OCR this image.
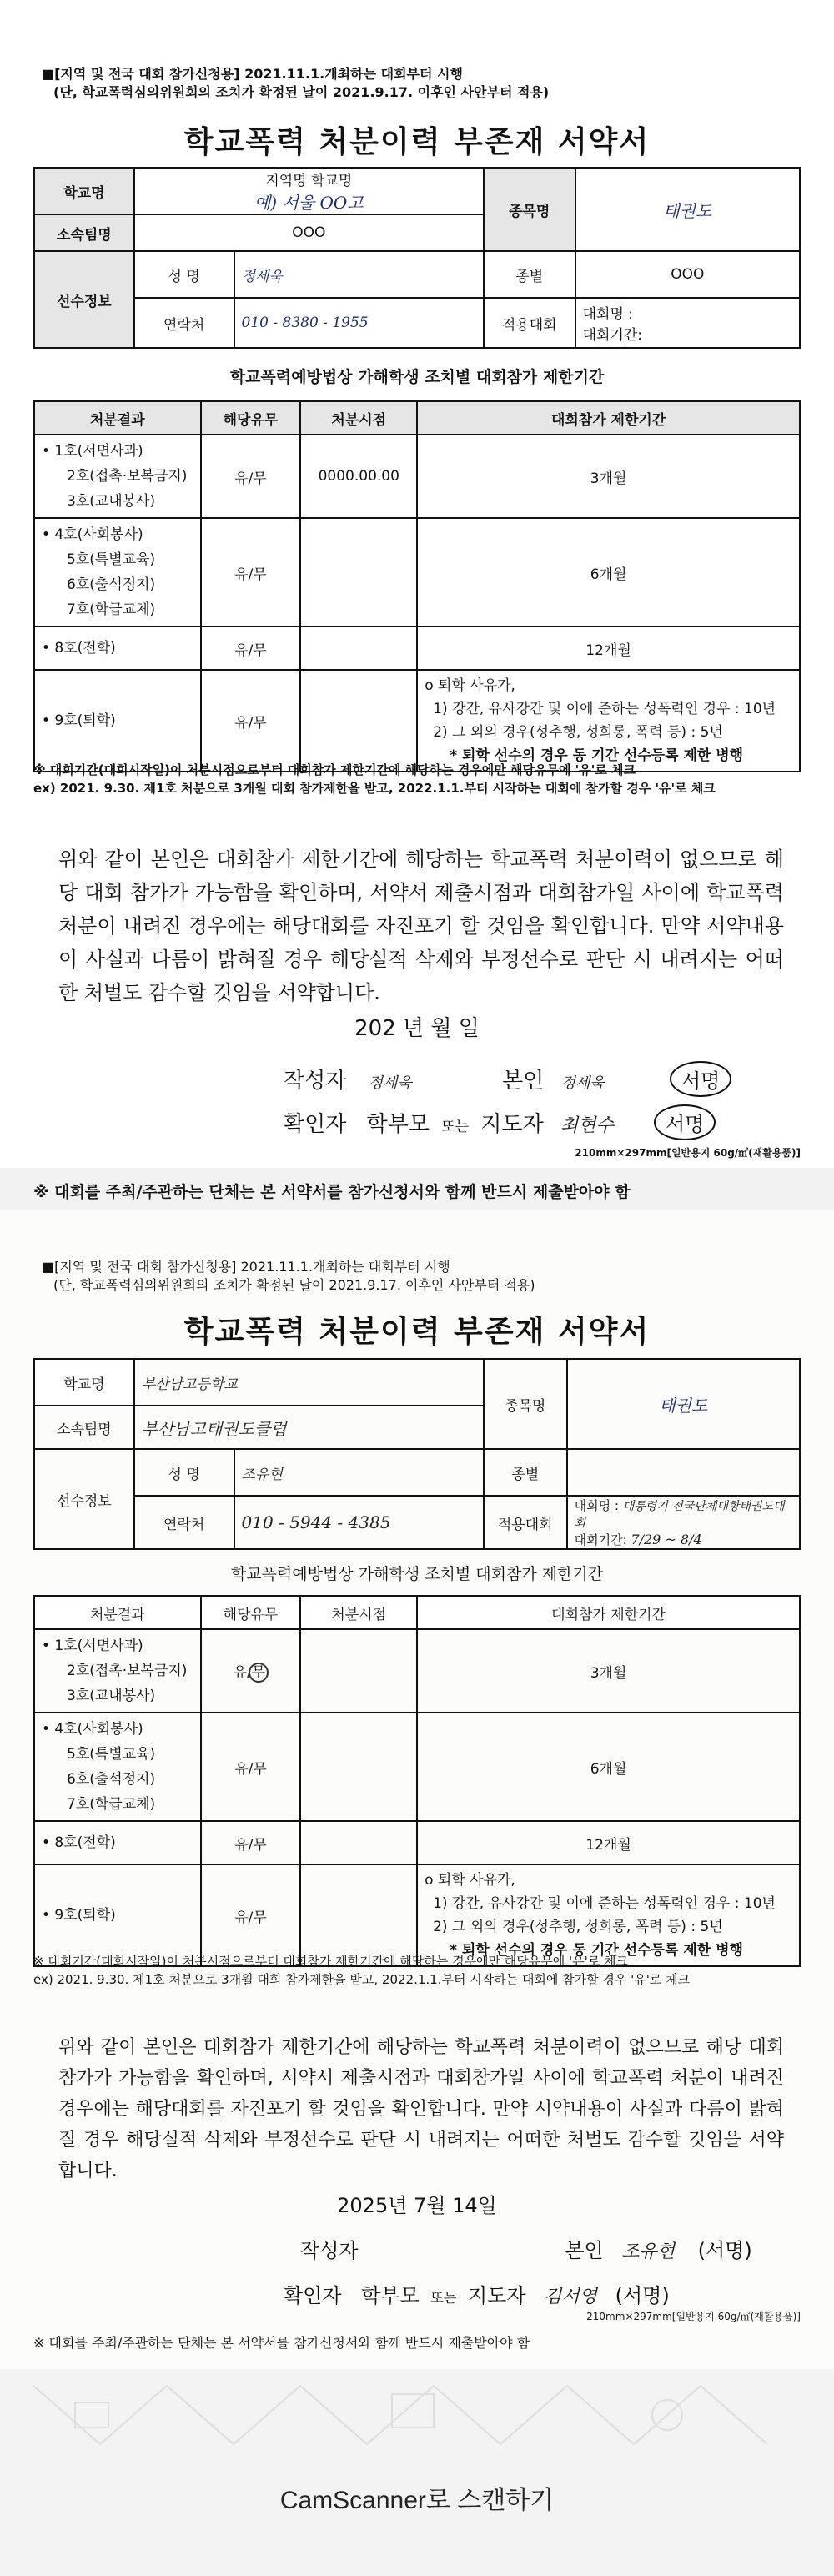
■[지역 및 전국 대회 참가신청용] 2021.11.1.개최하는 대회부터 시행
(단, 학교폭력심의위원회의 조치가 확정된 날이 2021.9.17. 이후인 사안부터 적용)
학교폭력 처분이력 부존재 서약서
학교명	지역명 학교명
예) 서울 OO고		종목명	태권도
소속팀명	OOO			
선수정보	성 명	정세욱	종별	OOO
	연락처	010 - 8380 - 1955	적용대회	대회명 :
대회기간:
학교폭력예방법상 가해학생 조치별 대회참가 제한기간
처분결과	해당유무	처분시점	대회참가 제한기간

• 1호(서면사과)
2호(접촉·보복금지)
3호(교내봉사)	유/무	0000.00.00	3개월

• 4호(사회봉사)
5호(특별교육)
6호(출석정지)
7호(학급교체)	유/무		6개월

• 8호(전학)	유/무		12개월

• 9호(퇴학)	유/무		o 퇴학 사유가,
1) 강간, 유사강간 및 이에 준하는 성폭력인 경우 : 10년
2) 그 외의 경우(성추행, 성희롱, 폭력 등) : 5년
* 퇴학 선수의 경우 동 기간 선수등록 제한 병행
※ 대회기간(대회시작일)이 처분시점으로부터 대회참가 제한기간에 해당하는 경우에만 해당유무에 '유'로 체크
ex) 2021. 9.30. 제1호 처분으로 3개월 대회 참가제한을 받고, 2022.1.1.부터 시작하는 대회에 참가할 경우 '유'로 체크
위와 같이 본인은 대회참가 제한기간에 해당하는 학교폭력 처분이력이 없으므로 해당 대회 참가가 가능함을 확인하며, 서약서 제출시점과 대회참가일 사이에 학교폭력 처분이 내려진 경우에는 해당대회를 자진포기 할 것임을 확인합니다. 만약 서약내용이 사실과 다름이 밝혀질 경우 해당실적 삭제와 부정선수로 판단 시 내려지는 어떠한 처벌도 감수할 것임을 서약합니다.
202 년 월 일
작성자 정세욱	본인 정세욱	서명
확인자 학부모 또는 지도자 최현수	서명
210mm×297mm[일반용지 60g/㎡(재활용품)]
※ 대회를 주최/주관하는 단체는 본 서약서를 참가신청서와 함께 반드시 제출받아야 함
■[지역 및 전국 대회 참가신청용] 2021.11.1.개최하는 대회부터 시행
(단, 학교폭력심의위원회의 조치가 확정된 날이 2021.9.17. 이후인 사안부터 적용)
학교폭력 처분이력 부존재 서약서
학교명	부산남고등학교		종목명	태권도
소속팀명	부산남고태권도클럽			
선수정보	성 명	조유현	종별	
	연락처	010 - 5944 - 4385	적용대회	대회명 : 대통령기 전국단체대항태권도대회
대회기간: 7/29 ~ 8/4
학교폭력예방법상 가해학생 조치별 대회참가 제한기간
처분결과	해당유무	처분시점	대회참가 제한기간

• 1호(서면사과)
2호(접촉·보복금지)
3호(교내봉사)	유/무		3개월

• 4호(사회봉사)
5호(특별교육)
6호(출석정지)
7호(학급교체)	유/무		6개월

• 8호(전학)	유/무		12개월

• 9호(퇴학)	유/무		o 퇴학 사유가,
1) 강간, 유사강간 및 이에 준하는 성폭력인 경우 : 10년
2) 그 외의 경우(성추행, 성희롱, 폭력 등) : 5년
* 퇴학 선수의 경우 동 기간 선수등록 제한 병행
※ 대회기간(대회시작일)이 처분시점으로부터 대회참가 제한기간에 해당하는 경우에만 해당유무에 '유'로 체크
ex) 2021. 9.30. 제1호 처분으로 3개월 대회 참가제한을 받고, 2022.1.1.부터 시작하는 대회에 참가할 경우 '유'로 체크
위와 같이 본인은 대회참가 제한기간에 해당하는 학교폭력 처분이력이 없으므로 해당 대회 참가가 가능함을 확인하며, 서약서 제출시점과 대회참가일 사이에 학교폭력 처분이 내려진 경우에는 해당대회를 자진포기 할 것임을 확인합니다. 만약 서약내용이 사실과 다름이 밝혀질 경우 해당실적 삭제와 부정선수로 판단 시 내려지는 어떠한 처벌도 감수할 것임을 서약합니다.
2025년 7월 14일
작성자	본인 조유현 (서명)
확인자 학부모 또는 지도자 김서영 (서명)
210mm×297mm[일반용지 60g/㎡(재활용품)]
※ 대회를 주최/주관하는 단체는 본 서약서를 참가신청서와 함께 반드시 제출받아야 함
CamScanner로 스캔하기
